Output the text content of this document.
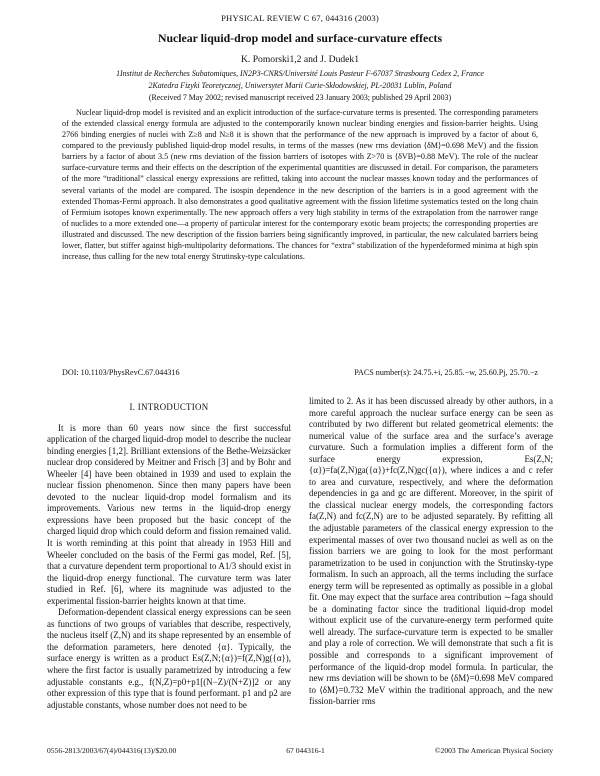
PHYSICAL REVIEW C 67, 044316 (2003)
Nuclear liquid-drop model and surface-curvature effects
K. Pomorski1,2 and J. Dudek1
1Institut de Recherches Subatomiques, IN2P3-CNRS/Université Louis Pasteur F-67037 Strasbourg Cedex 2, France
2Katedra Fizyki Teoretycznej, Uniwersytet Marii Curie-Skłodowskiej, PL-20031 Lublin, Poland
(Received 7 May 2002; revised manuscript received 23 January 2003; published 29 April 2003)

Nuclear liquid-drop model is revisited and an explicit introduction of the surface-curvature terms is presented. The corresponding parameters of the extended classical energy formula are adjusted to the contemporarily known nuclear binding energies and fission-barrier heights. Using 2766 binding energies of nuclei with Z≥8 and N≥8 it is shown that the performance of the new approach is improved by a factor of about 6, compared to the previously published liquid-drop model results, in terms of the masses (new rms deviation ⟨δM⟩=0.698 MeV) and the fission barriers by a factor of about 3.5 (new rms deviation of the fission barriers of isotopes with Z>70 is ⟨δVB⟩=0.88 MeV). The role of the nuclear surface-curvature terms and their effects on the description of the experimental quantities are discussed in detail. For comparison, the parameters of the more “traditional” classical energy expressions are refitted, taking into account the nuclear masses known today and the performances of several variants of the model are compared. The isospin dependence in the new description of the barriers is in a good agreement with the extended Thomas-Fermi approach. It also demonstrates a good qualitative agreement with the fission lifetime systematics tested on the long chain of Fermium isotopes known experimentally. The new approach offers a very high stability in terms of the extrapolation from the narrower range of nuclides to a more extended one—a property of particular interest for the contemporary exotic beam projects; the corresponding properties are illustrated and discussed. The new description of the fission barriers being significantly improved, in particular, the new calculated barriers being lower, flatter, but stiffer against high-multipolarity deformations. The chances for “extra” stabilization of the hyperdeformed minima at high spin increase, thus calling for the new total energy Strutinsky-type calculations.

DOI: 10.1103/PhysRevC.67.044316	PACS number(s): 24.75.+i, 25.85.−w, 25.60.Pj, 25.70.−z
I. INTRODUCTION

It is more than 60 years now since the first successful application of the charged liquid-drop model to describe the nuclear binding energies [1,2]. Brilliant extensions of the Bethe-Weizsäcker nuclear drop considered by Meitner and Frisch [3] and by Bohr and Wheeler [4] have been obtained in 1939 and used to explain the nuclear fission phenomenon. Since then many papers have been devoted to the nuclear liquid-drop model formalism and its improvements. Various new terms in the liquid-drop energy expressions have been proposed but the basic concept of the charged liquid drop which could deform and fission remained valid. It is worth reminding at this point that already in 1953 Hill and Wheeler concluded on the basis of the Fermi gas model, Ref. [5], that a curvature dependent term proportional to A1/3 should exist in the liquid-drop energy functional. The curvature term was later studied in Ref. [6], where its magnitude was adjusted to the experimental fission-barrier heights known at that time.

Deformation-dependent classical energy expressions can be seen as functions of two groups of variables that describe, respectively, the nucleus itself (Z,N) and its shape represented by an ensemble of the deformation parameters, here denoted {α}. Typically, the surface energy is written as a product Es(Z,N;{α})=f(Z,N)g({α}), where the first factor is usually parametrized by introducing a few adjustable constants e.g., f(N,Z)=p0+p1[(N−Z)/(N+Z)]2 or any other expression of this type that is found performant. p1 and p2 are adjustable constants, whose number does not need to be

limited to 2. As it has been discussed already by other authors, in a more careful approach the nuclear surface energy can be seen as contributed by two different but related geometrical elements: the numerical value of the surface area and the surface’s average curvature. Such a formulation implies a different form of the surface energy expression, Es(Z,N;{α})=fa(Z,N)ga({α})+fc(Z,N)gc({α}), where indices a and c refer to area and curvature, respectively, and where the deformation dependencies in ga and gc are different. Moreover, in the spirit of the classical nuclear energy models, the corresponding factors fa(Z,N) and fc(Z,N) are to be adjusted separately. By refitting all the adjustable parameters of the classical energy expression to the experimental masses of over two thousand nuclei as well as on the fission barriers we are going to look for the most performant parametrization to be used in conjunction with the Strutinsky-type formalism. In such an approach, all the terms including the surface energy term will be represented as optimally as possible in a global fit. One may expect that the surface area contribution ∼faga should be a dominating factor since the traditional liquid-drop model without explicit use of the curvature-energy term performed quite well already. The surface-curvature term is expected to be smaller and play a role of correction. We will demonstrate that such a fit is possible and corresponds to a significant improvement of performance of the liquid-drop model formula. In particular, the new rms deviation will be shown to be ⟨δM⟩=0.698 MeV compared to ⟨δM⟩=0.732 MeV within the traditional approach, and the new fission-barrier rms

0556-2813/2003/67(4)/044316(13)/$20.00	67 044316-1	©2003 The American Physical Society
